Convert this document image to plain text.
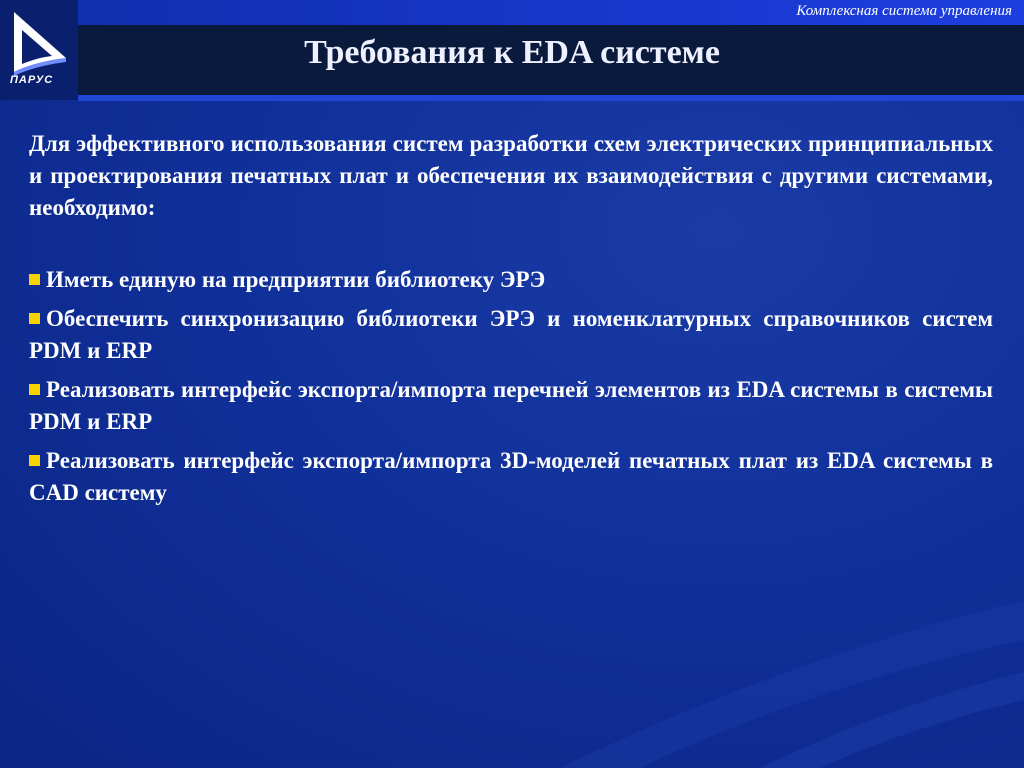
Комплексная система управления
ПАРУС
Требования к EDA системе

Для эффективного использования систем разработки схем электрических принципиальных и проектирования печатных плат и обеспечения их взаимодействия с другими системами, необходимо:

Иметь единую на предприятии библиотеку ЭРЭ

Обеспечить синхронизацию библиотеки ЭРЭ и номенклатурных справочников систем PDM и ERP

Реализовать интерфейс экспорта/импорта перечней элементов из EDA системы в системы PDM и ERP

Реализовать интерфейс экспорта/импорта 3D-моделей печатных плат из EDA системы в CAD систему
